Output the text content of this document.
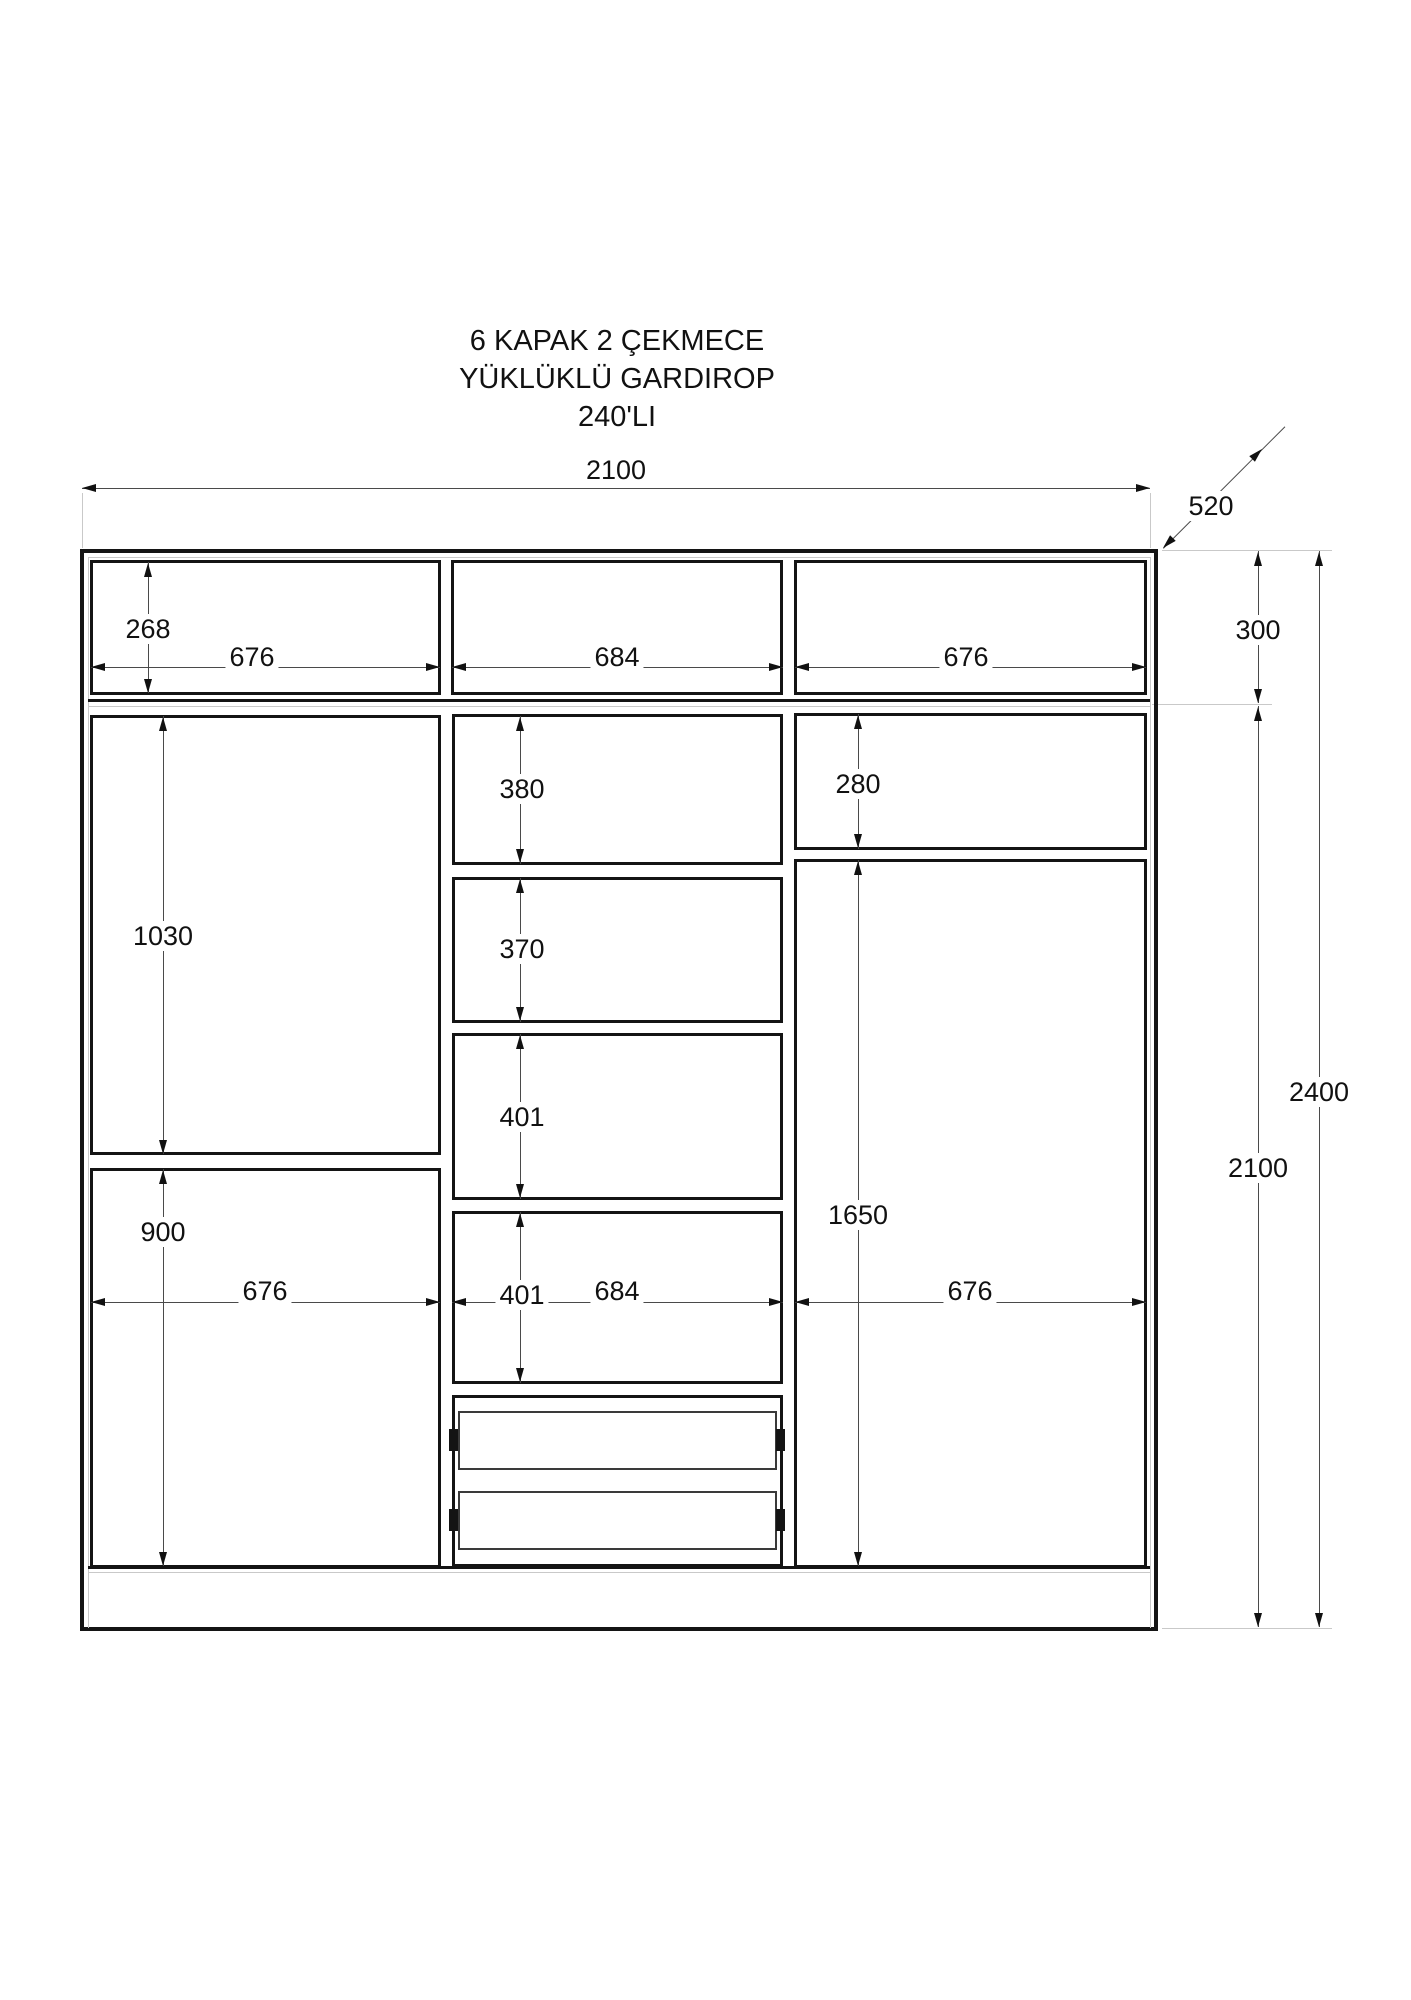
6 KAPAK 2 ÇEKMECE
YÜKLÜKLÜ GARDIROP
240'LI
2100
520
300
2100
2400
268
676	684	676
1030
900
676
380
370
401
401 684
280
1650
676
